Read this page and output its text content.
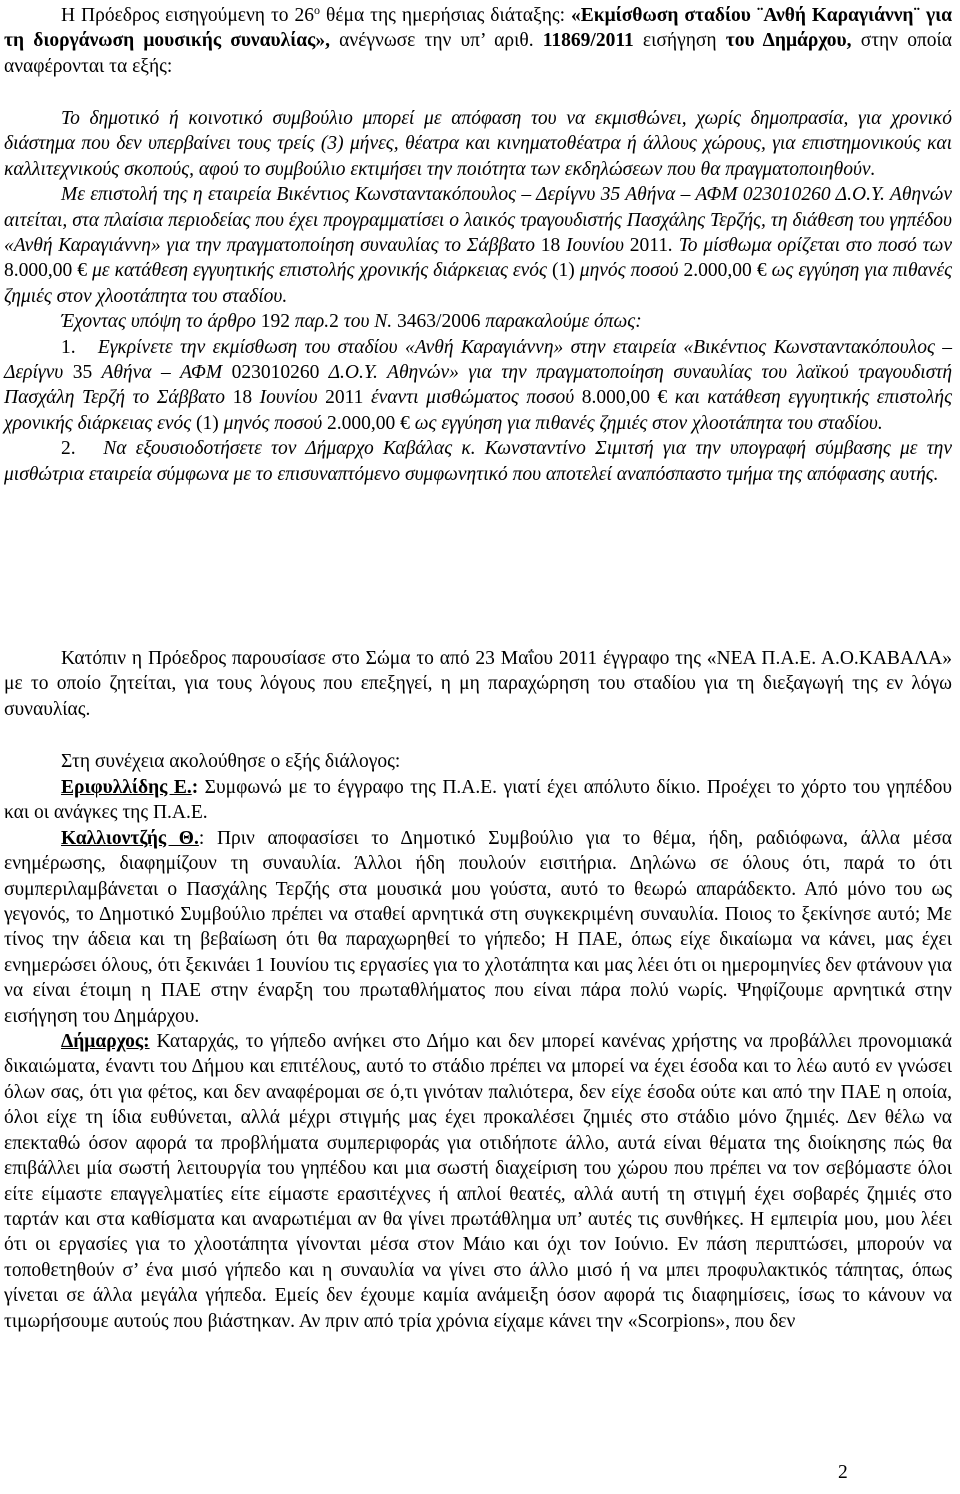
Η Πρόεδρος εισηγούμενη το $26^o$ θέμα της ημερήσιας διάταξης: «Εκμίσθωση σταδίου ¨Ανθή Καραγιάννη¨ για τη διοργάνωση μουσικής συναυλίας», ανέγνωσε την υπ’ αριθ. 11869/2011 εισήγηση του Δημάρχου, στην οποία αναφέρονται τα εξής:

Το δημοτικό ή κοινοτικό συμβούλιο μπορεί με απόφαση του να εκμισθώνει, χωρίς δημοπρασία, για χρονικό διάστημα που δεν υπερβαίνει τους τρείς (3) μήνες, θέατρα και κινηματοθέατρα ή άλλους χώρους, για επιστημονικούς και καλλιτεχνικούς σκοπούς, αφού το συμβούλιο εκτιμήσει την ποιότητα των εκδηλώσεων που θα πραγματοποιηθούν.

Με επιστολή της η εταιρεία Βικέντιος Κωνσταντακόπουλος – Δερίγνυ 35 Αθήνα – ΑΦΜ 023010260 Δ.Ο.Υ. Αθηνών αιτείται, στα πλαίσια περιοδείας που έχει προγραμματίσει ο λαικός τραγουδιστής Πασχάλης Τερζής, τη διάθεση του γηπέδου «Ανθή Καραγιάννη» για την πραγματοποίηση συναυλίας το Σάββατο 18 Ιουνίου 2011. Το μίσθωμα ορίζεται στο ποσό των 8.000,00 € με κατάθεση εγγυητικής επιστολής χρονικής διάρκειας ενός (1) μηνός ποσού 2.000,00 € ως εγγύηση για πιθανές ζημιές στον χλοοτάπητα του σταδίου.

Έχοντας υπόψη το άρθρο 192 παρ.2 του Ν. 3463/2006 παρακαλούμε όπως:

1. Εγκρίνετε την εκμίσθωση του σταδίου «Ανθή Καραγιάννη» στην εταιρεία «Βικέντιος Κωνσταντακόπουλος – Δερίγνυ 35 Αθήνα – ΑΦΜ 023010260 Δ.Ο.Υ. Αθηνών» για την πραγματοποίηση συναυλίας του λαϊκού τραγουδιστή Πασχάλη Τερζή το Σάββατο 18 Ιουνίου 2011 έναντι μισθώματος ποσού 8.000,00 € και κατάθεση εγγυητικής επιστολής χρονικής διάρκειας ενός (1) μηνός ποσού 2.000,00 € ως εγγύηση για πιθανές ζημιές στον χλοοτάπητα του σταδίου.

2. Να εξουσιοδοτήσετε τον Δήμαρχο Καβάλας κ. Κωνσταντίνο Σιμιτσή για την υπογραφή σύμβασης με την μισθώτρια εταιρεία σύμφωνα με το επισυναπτόμενο συμφωνητικό που αποτελεί αναπόσπαστο τμήμα της απόφασης αυτής.

Κατόπιν η Πρόεδρος παρουσίασε στο Σώμα το από 23 Μαΐου 2011 έγγραφο της «ΝΕΑ Π.Α.Ε. Α.Ο.ΚΑΒΑΛΑ» με το οποίο ζητείται, για τους λόγους που επεξηγεί, η μη παραχώρηση του σταδίου για τη διεξαγωγή της εν λόγω συναυλίας.

Στη συνέχεια ακολούθησε ο εξής διάλογος:

Εριφυλλίδης Ε.: Συμφωνώ με το έγγραφο της Π.Α.Ε. γιατί έχει απόλυτο δίκιο. Προέχει το χόρτο του γηπέδου και οι ανάγκες της Π.Α.Ε.

Καλλιοντζής Θ.: Πριν αποφασίσει το Δημοτικό Συμβούλιο για το θέμα, ήδη, ραδιόφωνα, άλλα μέσα ενημέρωσης, διαφημίζουν τη συναυλία. Άλλοι ήδη πουλούν εισιτήρια. Δηλώνω σε όλους ότι, παρά το ότι συμπεριλαμβάνεται ο Πασχάλης Τερζής στα μουσικά μου γούστα, αυτό το θεωρώ απαράδεκτο. Από μόνο του ως γεγονός, το Δημοτικό Συμβούλιο πρέπει να σταθεί αρνητικά στη συγκεκριμένη συναυλία. Ποιος το ξεκίνησε αυτό; Με τίνος την άδεια και τη βεβαίωση ότι θα παραχωρηθεί το γήπεδο; Η ΠΑΕ, όπως είχε δικαίωμα να κάνει, μας έχει ενημερώσει όλους, ότι ξεκινάει 1 Ιουνίου τις εργασίες για το χλοτάπητα και μας λέει ότι οι ημερομηνίες δεν φτάνουν για να είναι έτοιμη η ΠΑΕ στην έναρξη του πρωταθλήματος που είναι πάρα πολύ νωρίς. Ψηφίζουμε αρνητικά στην εισήγηση του Δημάρχου.

Δήμαρχος: Καταρχάς, το γήπεδο ανήκει στο Δήμο και δεν μπορεί κανένας χρήστης να προβάλλει προνομιακά δικαιώματα, έναντι του Δήμου και επιτέλους, αυτό το στάδιο πρέπει να μπορεί να έχει έσοδα και το λέω αυτό εν γνώσει όλων σας, ότι για φέτος, και δεν αναφέρομαι σε ό,τι γινόταν παλιότερα, δεν είχε έσοδα ούτε και από την ΠΑΕ η οποία, όλοι είχε τη ίδια ευθύνεται, αλλά μέχρι στιγμής μας έχει προκαλέσει ζημιές στο στάδιο μόνο ζημιές. Δεν θέλω να επεκταθώ όσον αφορά τα προβλήματα συμπεριφοράς για οτιδήποτε άλλο, αυτά είναι θέματα της διοίκησης πώς θα επιβάλλει μία σωστή λειτουργία του γηπέδου και μια σωστή διαχείριση του χώρου που πρέπει να τον σεβόμαστε όλοι είτε είμαστε επαγγελματίες είτε είμαστε ερασιτέχνες ή απλοί θεατές, αλλά αυτή τη στιγμή έχει σοβαρές ζημιές στο ταρτάν και στα καθίσματα και αναρωτιέμαι αν θα γίνει πρωτάθλημα υπ’ αυτές τις συνθήκες. Η εμπειρία μου, μου λέει ότι οι εργασίες για το χλοοτάπητα γίνονται μέσα στον Μάιο και όχι τον Ιούνιο. Εν πάση περιπτώσει, μπορούν να τοποθετηθούν σ’ ένα μισό γήπεδο και η συναυλία να γίνει στο άλλο μισό ή να μπει προφυλακτικός τάπητας, όπως γίνεται σε άλλα μεγάλα γήπεδα. Εμείς δεν έχουμε καμία ανάμειξη όσον αφορά τις διαφημίσεις, ίσως το κάνουν να τιμωρήσουμε αυτούς που βιάστηκαν. Αν πριν από τρία χρόνια είχαμε κάνει την «Scorpions», που δεν

2
